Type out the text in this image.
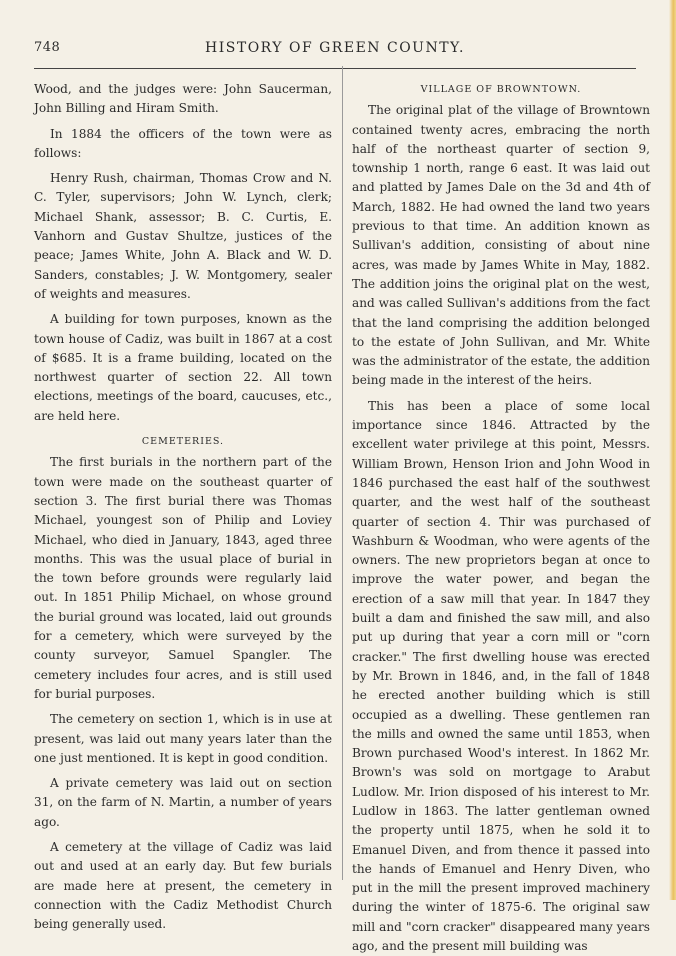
748	HISTORY OF GREEN COUNTY.

Wood, and the judges were: John Saucerman, John Billing and Hiram Smith.

In 1884 the officers of the town were as follows:

Henry Rush, chairman, Thomas Crow and N. C. Tyler, supervisors; John W. Lynch, clerk; Michael Shank, assessor; B. C. Curtis, E. Vanhorn and Gustav Shultze, justices of the peace; James White, John A. Black and W. D. Sanders, constables; J. W. Montgomery, sealer of weights and measures.

A building for town purposes, known as the town house of Cadiz, was built in 1867 at a cost of $685. It is a frame building, located on the northwest quarter of section 22. All town elections, meetings of the board, caucuses, etc., are held here.

CEMETERIES.

The first burials in the northern part of the town were made on the southeast quarter of section 3. The first burial there was Thomas Michael, youngest son of Philip and Loviey Michael, who died in January, 1843, aged three months. This was the usual place of burial in the town before grounds were regularly laid out. In 1851 Philip Michael, on whose ground the burial ground was located, laid out grounds for a cemetery, which were surveyed by the county surveyor, Samuel Spangler. The cemetery includes four acres, and is still used for burial purposes.

The cemetery on section 1, which is in use at present, was laid out many years later than the one just mentioned. It is kept in good condition.

A private cemetery was laid out on section 31, on the farm of N. Martin, a number of years ago.

A cemetery at the village of Cadiz was laid out and used at an early day. But few burials are made here at present, the cemetery in connection with the Cadiz Methodist Church being generally used.

VILLAGE OF BROWNTOWN.

The original plat of the village of Browntown contained twenty acres, embracing the north half of the northeast quarter of section 9, township 1 north, range 6 east. It was laid out and platted by James Dale on the 3d and 4th of March, 1882. He had owned the land two years previous to that time. An addition known as Sullivan's addition, consisting of about nine acres, was made by James White in May, 1882. The addition joins the original plat on the west, and was called Sullivan's additions from the fact that the land comprising the addition belonged to the estate of John Sullivan, and Mr. White was the administrator of the estate, the addition being made in the interest of the heirs.

This has been a place of some local importance since 1846. Attracted by the excellent water privilege at this point, Messrs. William Brown, Henson Irion and John Wood in 1846 purchased the east half of the southwest quarter, and the west half of the southeast quarter of section 4. Thir was purchased of Washburn & Woodman, who were agents of the owners. The new proprietors began at once to improve the water power, and began the erection of a saw mill that year. In 1847 they built a dam and finished the saw mill, and also put up during that year a corn mill or "corn cracker." The first dwelling house was erected by Mr. Brown in 1846, and, in the fall of 1848 he erected another building which is still occupied as a dwelling. These gentlemen ran the mills and owned the same until 1853, when Brown purchased Wood's interest. In 1862 Mr. Brown's was sold on mortgage to Arabut Ludlow. Mr. Irion disposed of his interest to Mr. Ludlow in 1863. The latter gentleman owned the property until 1875, when he sold it to Emanuel Diven, and from thence it passed into the hands of Emanuel and Henry Diven, who put in the mill the present improved machinery during the winter of 1875-6. The original saw mill and "corn cracker" disappeared many years ago, and the present mill building was
